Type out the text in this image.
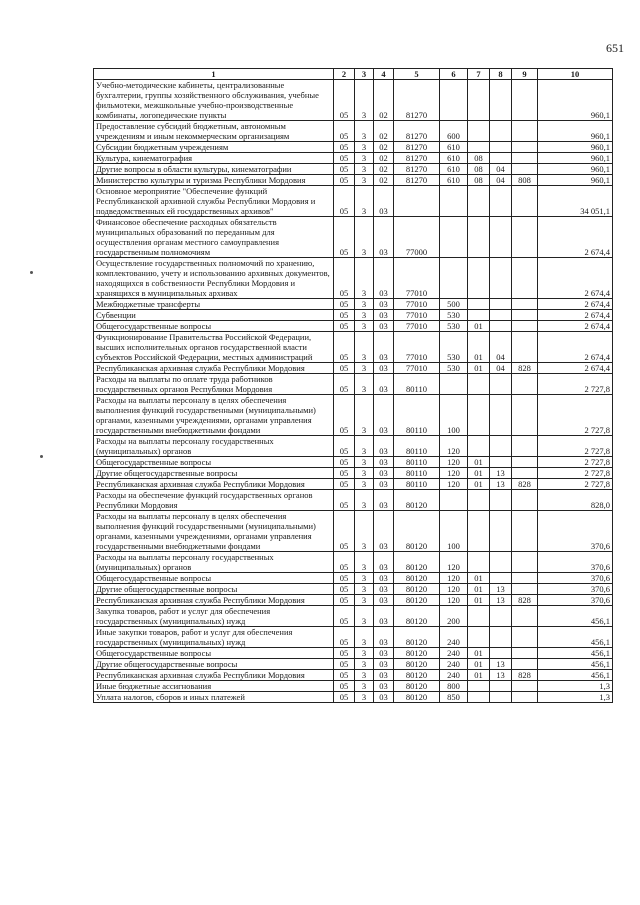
651
1	2	3	4	5	6	7	8	9	10
Учебно-методические кабинеты, централизованные бухгалтерии, группы хозяйственного обслуживания, учебные фильмотеки, межшкольные учебно-производственные комбинаты, логопедические пункты	05	3	02	81270					960,1
Предоставление субсидий бюджетным, автономным учреждениям и иным некоммерческим организациям	05	3	02	81270	600				960,1
Субсидии бюджетным учреждениям	05	3	02	81270	610				960,1
Культура, кинематография	05	3	02	81270	610	08			960,1
Другие вопросы в области культуры, кинематографии	05	3	02	81270	610	08	04		960,1
Министерство культуры и туризма Республики Мордовия	05	3	02	81270	610	08	04	808	960,1
Основное мероприятие "Обеспечение функций Республиканской архивной службы Республики Мордовия и подведомственных ей государственных архивов"	05	3	03						34 051,1
Финансовое обеспечение расходных обязательств муниципальных образований по переданным для осуществления органам местного самоуправления государственным полномочиям	05	3	03	77000					2 674,4
Осуществление государственных полномочий по хранению, комплектованию, учету и использованию архивных документов, находящихся в собственности Республики Мордовия и хранящихся в муниципальных архивах	05	3	03	77010					2 674,4
Межбюджетные трансферты	05	3	03	77010	500				2 674,4
Субвенции	05	3	03	77010	530				2 674,4
Общегосударственные вопросы	05	3	03	77010	530	01			2 674,4
Функционирование Правительства Российской Федерации, высших исполнительных органов государственной власти субъектов Российской Федерации, местных администраций	05	3	03	77010	530	01	04		2 674,4
Республиканская архивная служба Республики Мордовия	05	3	03	77010	530	01	04	828	2 674,4
Расходы на выплаты по оплате труда работников государственных органов Республики Мордовия	05	3	03	80110					2 727,8
Расходы на выплаты персоналу в целях обеспечения выполнения функций государственными (муниципальными) органами, казенными учреждениями, органами управления государственными внебюджетными фондами	05	3	03	80110	100				2 727,8
Расходы на выплаты персоналу государственных (муниципальных) органов	05	3	03	80110	120				2 727,8
Общегосударственные вопросы	05	3	03	80110	120	01			2 727,8
Другие общегосударственные вопросы	05	3	03	80110	120	01	13		2 727,8
Республиканская архивная служба Республики Мордовия	05	3	03	80110	120	01	13	828	2 727,8
Расходы на обеспечение функций государственных органов Республики Мордовия	05	3	03	80120					828,0
Расходы на выплаты персоналу в целях обеспечения выполнения функций государственными (муниципальными) органами, казенными учреждениями, органами управления государственными внебюджетными фондами	05	3	03	80120	100				370,6
Расходы на выплаты персоналу государственных (муниципальных) органов	05	3	03	80120	120				370,6
Общегосударственные вопросы	05	3	03	80120	120	01			370,6
Другие общегосударственные вопросы	05	3	03	80120	120	01	13		370,6
Республиканская архивная служба Республики Мордовия	05	3	03	80120	120	01	13	828	370,6
Закупка товаров, работ и услуг для обеспечения государственных (муниципальных) нужд	05	3	03	80120	200				456,1
Иные закупки товаров, работ и услуг для обеспечения государственных (муниципальных) нужд	05	3	03	80120	240				456,1
Общегосударственные вопросы	05	3	03	80120	240	01			456,1
Другие общегосударственные вопросы	05	3	03	80120	240	01	13		456,1
Республиканская архивная служба Республики Мордовия	05	3	03	80120	240	01	13	828	456,1
Иные бюджетные ассигнования	05	3	03	80120	800				1,3
Уплата налогов, сборов и иных платежей	05	3	03	80120	850				1,3
